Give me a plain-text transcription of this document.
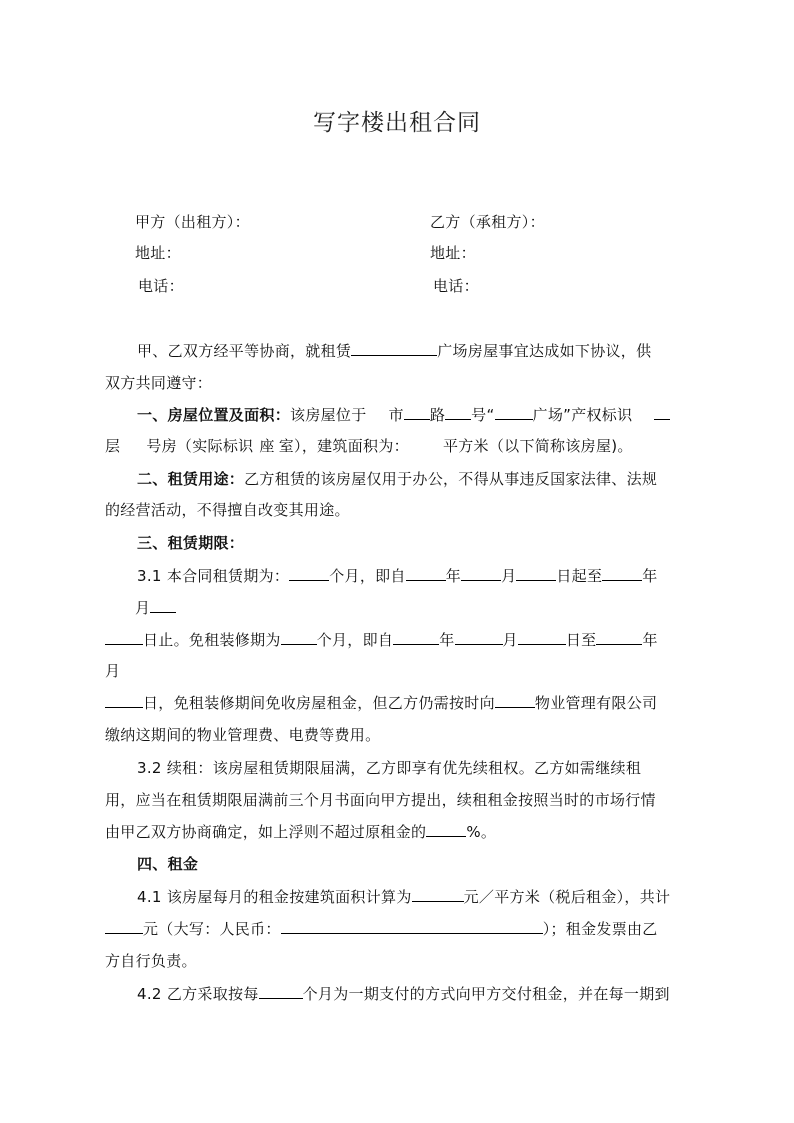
写字楼出租合同
甲方（出租方）：	乙方（承租方）：
地址：	地址：
电话：	电话：
甲、乙双方经平等协商，就租赁	广场房屋事宜达成如下协议，供
双方共同遵守：
一、房屋位置及面积：该房屋位于 市 路 号“	广场”产权标识
层 号房（实际标识 座 室），建筑面积为： 平方米（以下简称该房屋)。
二、租赁用途：乙方租赁的该房屋仅用于办公，不得从事违反国家法律、法规
的经营活动，不得擅自改变其用途。
三、租赁期限：
3.1 本合同租赁期为：	个月，即自	年	月	日起至	年
月
日止。免租装修期为 个月，即自	年	月	日至	年
月
日，免租装修期间免收房屋租金，但乙方仍需按时向	物业管理有限公司
缴纳这期间的物业管理费、电费等费用。
3.2 续租：该房屋租赁期限届满，乙方即享有优先续租权。乙方如需继续租
用，应当在租赁期限届满前三个月书面向甲方提出，续租租金按照当时的市场行情
由甲乙双方协商确定，如上浮则不超过原租金的	%。
四、租金
4.1 该房屋每月的租金按建筑面积计算为	元／平方米（税后租金），共计
元（大写：人民币：	）；租金发票由乙
方自行负责。
4.2 乙方采取按每	个月为一期支付的方式向甲方交付租金，并在每一期到
